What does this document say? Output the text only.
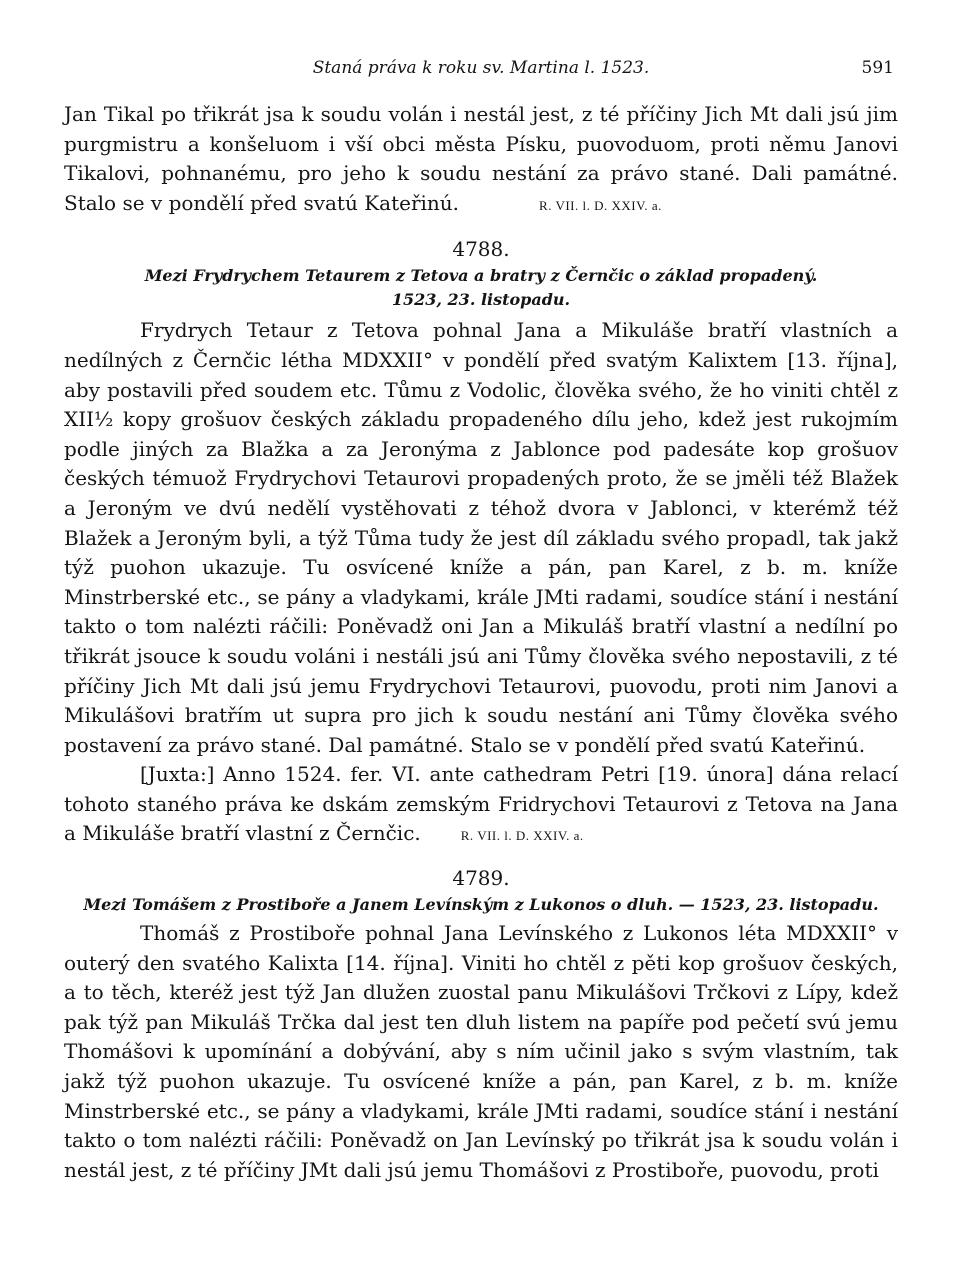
Staná práva k roku sv. Martina l. 1523.	591

Jan Tikal po třikrát jsa k soudu volán i nestál jest, z té příčiny Jich Mt dali jsú jim purgmistru a konšeluom i vší obci města Písku, puovoduom, proti němu Janovi Tikalovi, pohnanému, pro jeho k soudu nestání za právo stané. Dali památné. Stalo se v pondělí před svatú Kateřinú.	R. VII. l. D. XXIV. a.

4788.
Mezi Frydrychem Tetaurem z Tetova a bratry z Černčic o základ propadený.
1523, 23. listopadu.

Frydrych Tetaur z Tetova pohnal Jana a Mikuláše bratří vlastních a nedílných z Černčic létha MDXXII° v pondělí před svatým Kalixtem [13. října], aby postavili před soudem etc. Tůmu z Vodolic, člověka svého, že ho viniti chtěl z XII½ kopy grošuov českých základu propadeného dílu jeho, kdež jest rukojmím podle jiných za Blažka a za Jeronýma z Jablonce pod padesáte kop grošuov českých témuož Frydrychovi Tetaurovi propadených proto, že se jměli též Blažek a Jeroným ve dvú nedělí vystěhovati z téhož dvora v Jablonci, v kterémž též Blažek a Jeroným byli, a týž Tůma tudy že jest díl základu svého propadl, tak jakž týž puohon ukazuje. Tu osvícené kníže a pán, pan Karel, z b. m. kníže Minstrberské etc., se pány a vladykami, krále JMti radami, soudíce stání i nestání takto o tom nalézti ráčili: Poněvadž oni Jan a Mikuláš bratří vlastní a nedílní po třikrát jsouce k soudu voláni i nestáli jsú ani Tůmy člověka svého nepostavili, z té příčiny Jich Mt dali jsú jemu Frydrychovi Tetaurovi, puovodu, proti nim Janovi a Mikulášovi bratřím ut supra pro jich k soudu nestání ani Tůmy člověka svého postavení za právo stané. Dal památné. Stalo se v pondělí před svatú Kateřinú.

[Juxta:] Anno 1524. fer. VI. ante cathedram Petri [19. února] dána relací tohoto staného práva ke dskám zemským Fridrychovi Tetaurovi z Tetova na Jana a Mikuláše bratří vlastní z Černčic.	R. VII. l. D. XXIV. a.

4789.
Mezi Tomášem z Prostiboře a Janem Levínským z Lukonos o dluh. — 1523, 23. listopadu.

Thomáš z Prostiboře pohnal Jana Levínského z Lukonos léta MDXXII° v outerý den svatého Kalixta [14. října]. Viniti ho chtěl z pěti kop grošuov českých, a to těch, kteréž jest týž Jan dlužen zuostal panu Mikulášovi Trčkovi z Lípy, kdež pak týž pan Mikuláš Trčka dal jest ten dluh listem na papíře pod pečetí svú jemu Thomášovi k upomínání a dobývání, aby s ním učinil jako s svým vlastním, tak jakž týž puohon ukazuje. Tu osvícené kníže a pán, pan Karel, z b. m. kníže Minstrberské etc., se pány a vladykami, krále JMti radami, soudíce stání i nestání takto o tom nalézti ráčili: Poněvadž on Jan Levínský po třikrát jsa k soudu volán i nestál jest, z té příčiny JMt dali jsú jemu Thomášovi z Prostiboře, puovodu, proti
